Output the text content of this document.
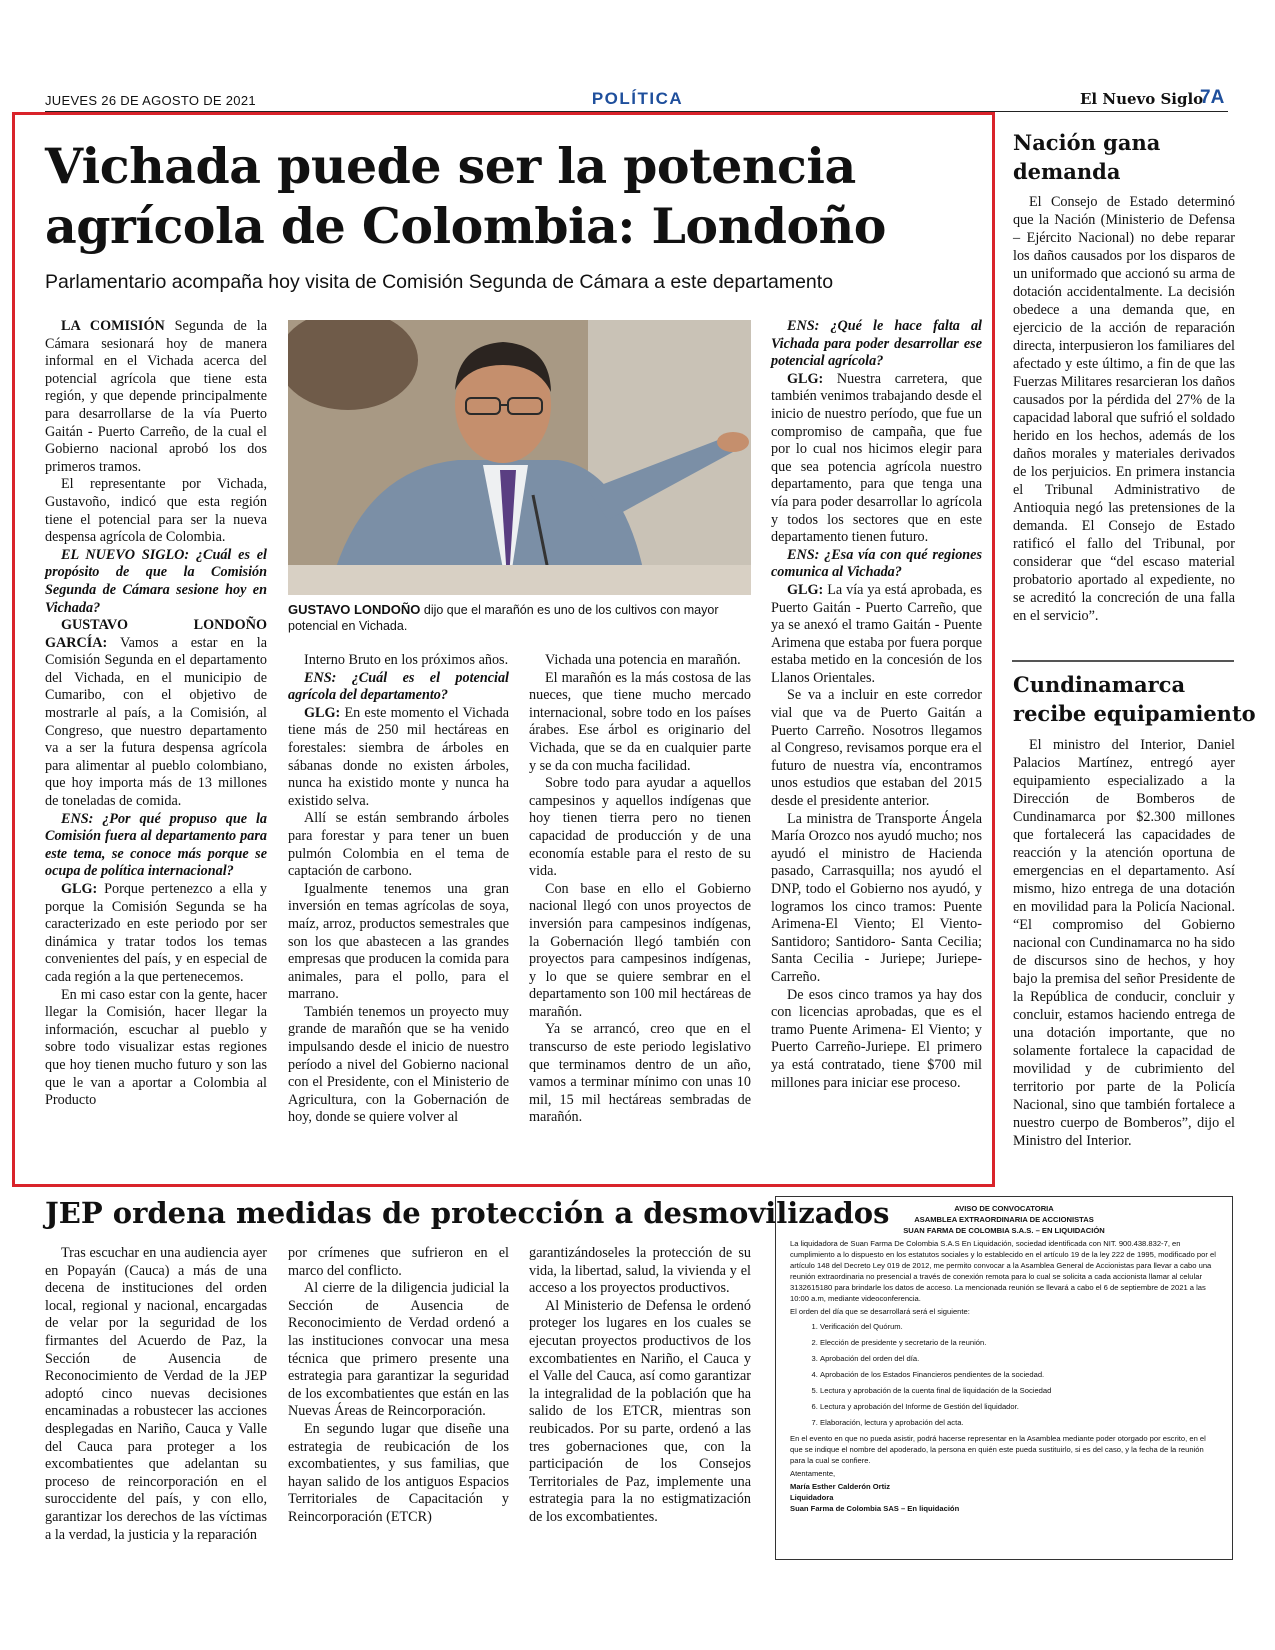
JUEVES 26 DE AGOSTO DE 2021	POLÍTICA	El Nuevo Siglo
7A
Vichada puede ser la potencia
agrícola de Colombia: Londoño
Parlamentario acompaña hoy visita de Comisión Segunda de Cámara a este departamento
GUSTAVO LONDOÑO dijo que el marañón es uno de los cultivos con mayor potencial en Vichada.

LA COMISIÓN Segunda de la Cámara sesionará hoy de manera informal en el Vichada acerca del potencial agrícola que tiene esta región, y que depende principalmente para desarrollarse de la vía Puerto Gaitán - Puerto Carreño, de la cual el Gobierno nacional aprobó los dos primeros tramos.

El representante por Vichada, Gustavoño, indicó que esta región tiene el potencial para ser la nueva despensa agrícola de Colombia.

EL NUEVO SIGLO: ¿Cuál es el propósito de que la Comisión Segunda de Cámara sesione hoy en Vichada?

GUSTAVO LONDOÑO GARCÍA: Vamos a estar en la Comisión Segunda en el departamento del Vichada, en el municipio de Cumaribo, con el objetivo de mostrarle al país, a la Comisión, al Congreso, que nuestro departamento va a ser la futura despensa agrícola para alimentar al pueblo colombiano, que hoy importa más de 13 millones de toneladas de comida.

ENS: ¿Por qué propuso que la Comisión fuera al departamento para este tema, se conoce más porque se ocupa de política internacional?

GLG: Porque pertenezco a ella y porque la Comisión Segunda se ha caracterizado en este periodo por ser dinámica y tratar todos los temas convenientes del país, y en especial de cada región a la que pertenecemos.

En mi caso estar con la gente, hacer llegar la Comisión, hacer llegar la información, escuchar al pueblo y sobre todo visualizar estas regiones que hoy tienen mucho futuro y son las que le van a aportar a Colombia al Producto

Interno Bruto en los próximos años.

ENS: ¿Cuál es el potencial agrícola del departamento?

GLG: En este momento el Vichada tiene más de 250 mil hectáreas en forestales: siembra de árboles en sábanas donde no existen árboles, nunca ha existido monte y nunca ha existido selva.

Allí se están sembrando árboles para forestar y para tener un buen pulmón Colombia en el tema de captación de carbono.

Igualmente tenemos una gran inversión en temas agrícolas de soya, maíz, arroz, productos semestrales que son los que abastecen a las grandes empresas que producen la comida para animales, para el pollo, para el marrano.

También tenemos un proyecto muy grande de marañón que se ha venido impulsando desde el inicio de nuestro período a nivel del Gobierno nacional con el Presidente, con el Ministerio de Agricultura, con la Gobernación de hoy, donde se quiere volver al

Vichada una potencia en marañón.

El marañón es la más costosa de las nueces, que tiene mucho mercado internacional, sobre todo en los países árabes. Ese árbol es originario del Vichada, que se da en cualquier parte y se da con mucha facilidad.

Sobre todo para ayudar a aquellos campesinos y aquellos indígenas que hoy tienen tierra pero no tienen capacidad de producción y de una economía estable para el resto de su vida.

Con base en ello el Gobierno nacional llegó con unos proyectos de inversión para campesinos indígenas, la Gobernación llegó también con proyectos para campesinos indígenas, y lo que se quiere sembrar en el departamento son 100 mil hectáreas de marañón.

Ya se arrancó, creo que en el transcurso de este periodo legislativo que terminamos dentro de un año, vamos a terminar mínimo con unas 10 mil, 15 mil hectáreas sembradas de marañón.

ENS: ¿Qué le hace falta al Vichada para poder desarrollar ese potencial agrícola?

GLG: Nuestra carretera, que también venimos trabajando desde el inicio de nuestro período, que fue un compromiso de campaña, que fue por lo cual nos hicimos elegir para que sea potencia agrícola nuestro departamento, para que tenga una vía para poder desarrollar lo agrícola y todos los sectores que en este departamento tienen futuro.

ENS: ¿Esa vía con qué regiones comunica al Vichada?

GLG: La vía ya está aprobada, es Puerto Gaitán - Puerto Carreño, que ya se anexó el tramo Gaitán - Puente Arimena que estaba por fuera porque estaba metido en la concesión de los Llanos Orientales.

Se va a incluir en este corredor vial que va de Puerto Gaitán a Puerto Carreño. Nosotros llegamos al Congreso, revisamos porque era el futuro de nuestra vía, encontramos unos estudios que estaban del 2015 desde el presidente anterior.

La ministra de Transporte Ángela María Orozco nos ayudó mucho; nos ayudó el ministro de Hacienda pasado, Carrasquilla; nos ayudó el DNP, todo el Gobierno nos ayudó, y logramos los cinco tramos: Puente Arimena-El Viento; El Viento- Santidoro; Santidoro- Santa Cecilia; Santa Cecilia - Juriepe; Juriepe-Carreño.

De esos cinco tramos ya hay dos con licencias aprobadas, que es el tramo Puente Arimena- El Viento; y Puerto Carreño-Juriepe. El primero ya está contratado, tiene $700 mil millones para iniciar ese proceso.

Nación gana
demanda

El Consejo de Estado determinó que la Nación (Ministerio de Defensa – Ejército Nacional) no debe reparar los daños causados por los disparos de un uniformado que accionó su arma de dotación accidentalmente. La decisión obedece a una demanda que, en ejercicio de la acción de reparación directa, interpusieron los familiares del afectado y este último, a fin de que las Fuerzas Militares resarcieran los daños causados por la pérdida del 27% de la capacidad laboral que sufrió el soldado herido en los hechos, además de los daños morales y materiales derivados de los perjuicios. En primera instancia el Tribunal Administrativo de Antioquia negó las pretensiones de la demanda. El Consejo de Estado ratificó el fallo del Tribunal, por considerar que “del escaso material probatorio aportado al expediente, no se acreditó la concreción de una falla en el servicio”.

Cundinamarca
recibe equipamiento

El ministro del Interior, Daniel Palacios Martínez, entregó ayer equipamiento especializado a la Dirección de Bomberos de Cundinamarca por $2.300 millones que fortalecerá las capacidades de reacción y la atención oportuna de emergencias en el departamento. Así mismo, hizo entrega de una dotación en movilidad para la Policía Nacional. “El compromiso del Gobierno nacional con Cundinamarca no ha sido de discursos sino de hechos, y hoy bajo la premisa del señor Presidente de la República de conducir, concluir y concluir, estamos haciendo entrega de una dotación importante, que no solamente fortalece la capacidad de movilidad y de cubrimiento del territorio por parte de la Policía Nacional, sino que también fortalece a nuestro cuerpo de Bomberos”, dijo el Ministro del Interior.

JEP ordena medidas de protección a desmovilizados

Tras escuchar en una audiencia ayer en Popayán (Cauca) a más de una decena de instituciones del orden local, regional y nacional, encargadas de velar por la seguridad de los firmantes del Acuerdo de Paz, la Sección de Ausencia de Reconocimiento de Verdad de la JEP adoptó cinco nuevas decisiones encaminadas a robustecer las acciones desplegadas en Nariño, Cauca y Valle del Cauca para proteger a los excombatientes que adelantan su proceso de reincorporación en el suroccidente del país, y con ello, garantizar los derechos de las víctimas a la verdad, la justicia y la reparación

por crímenes que sufrieron en el marco del conflicto.

Al cierre de la diligencia judicial la Sección de Ausencia de Reconocimiento de Verdad ordenó a las instituciones convocar una mesa técnica que primero presente una estrategia para garantizar la seguridad de los excombatientes que están en las Nuevas Áreas de Reincorporación.

En segundo lugar que diseñe una estrategia de reubicación de los excombatientes, y sus familias, que hayan salido de los antiguos Espacios Territoriales de Capacitación y Reincorporación (ETCR)

garantizándoseles la protección de su vida, la libertad, salud, la vivienda y el acceso a los proyectos productivos.

Al Ministerio de Defensa le ordenó proteger los lugares en los cuales se ejecutan proyectos productivos de los excombatientes en Nariño, el Cauca y el Valle del Cauca, así como garantizar la integralidad de la población que ha salido de los ETCR, mientras son reubicados. Por su parte, ordenó a las tres gobernaciones que, con la participación de los Consejos Territoriales de Paz, implemente una estrategia para la no estigmatización de los excombatientes.

AVISO DE CONVOCATORIA
ASAMBLEA EXTRAORDINARIA DE ACCIONISTAS
SUAN FARMA DE COLOMBIA S.A.S. – EN LIQUIDACIÓN

La liquidadora de Suan Farma De Colombia S.A.S En Liquidación, sociedad identificada con NIT. 900.438.832-7, en cumplimiento a lo dispuesto en los estatutos sociales y lo establecido en el artículo 19 de la ley 222 de 1995, modificado por el artículo 148 del Decreto Ley 019 de 2012, me permito convocar a la Asamblea General de Accionistas para llevar a cabo una reunión extraordinaria no presencial a través de conexión remota para lo cual se solicita a cada accionista llamar al celular 3132615180 para brindarle los datos de acceso. La mencionada reunión se llevará a cabo el 6 de septiembre de 2021 a las 10:00 a.m, mediante videoconferencia.

El orden del día que se desarrollará será el siguiente:

1. Verificación del Quórum.
2. Elección de presidente y secretario de la reunión.
3. Aprobación del orden del día.
4. Aprobación de los Estados Financieros pendientes de la sociedad.
5. Lectura y aprobación de la cuenta final de liquidación de la Sociedad
6. Lectura y aprobación del Informe de Gestión del liquidador.
7. Elaboración, lectura y aprobación del acta.

En el evento en que no pueda asistir, podrá hacerse representar en la Asamblea mediante poder otorgado por escrito, en el que se indique el nombre del apoderado, la persona en quién este pueda sustituirlo, si es del caso, y la fecha de la reunión para la cual se confiere.

Atentamente,

María Esther Calderón Ortiz

Liquidadora

Suan Farma de Colombia SAS – En liquidación
